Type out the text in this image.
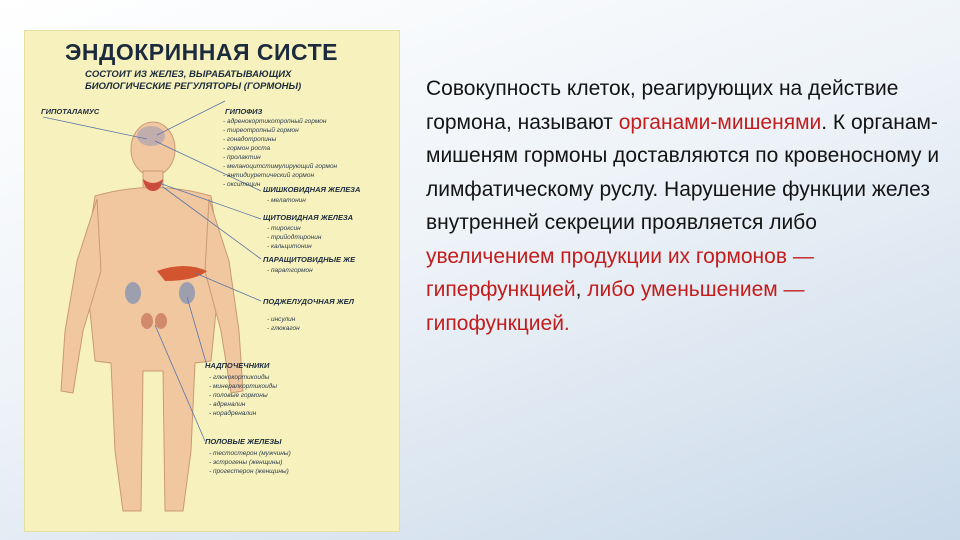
ЭНДОКРИННАЯ СИСТЕ
СОСТОИТ ИЗ ЖЕЛЕЗ, ВЫРАБАТЫВАЮЩИХ
БИОЛОГИЧЕСКИЕ РЕГУЛЯТОРЫ (ГОРМОНЫ)
ГИПОТАЛАМУС	ГИПОФИЗ
- адренокортикотропный гормон
- тиреотропный гормон
- гонадотропины
- гормон роста
- пролактин
- меланоцитстимулирующий гормон
- антидиуретический гормон
- окситоцин
ШИШКОВИДНАЯ ЖЕЛЕЗА
- мелатонин
ЩИТОВИДНАЯ ЖЕЛЕЗА
- тироксин
- трийодтиронин
- кальцитонин
ПАРАЩИТОВИДНЫЕ ЖЕ
- паратгормон
ПОДЖЕЛУДОЧНАЯ ЖЕЛ
- инсулин
- глюкагон
НАДПОЧЕЧНИКИ
- глюкокортикоиды
- минералкортикоиды
- половые гормоны
- адреналин
- норадреналин
ПОЛОВЫЕ ЖЕЛЕЗЫ
- тестостерон (мужчины)
- эстрогены (женщины)
- прогестерон (женщины)
Совокупность клеток, реагирующих на действие гормона, называют органами-мишенями. К органам-мишеням гормоны доставляются по кровеносному и лимфатическому руслу. Нарушение функции желез внутренней секреции проявляется либо увеличением продукции их гормонов — гиперфункцией, либо уменьшением — гипофункцией.
